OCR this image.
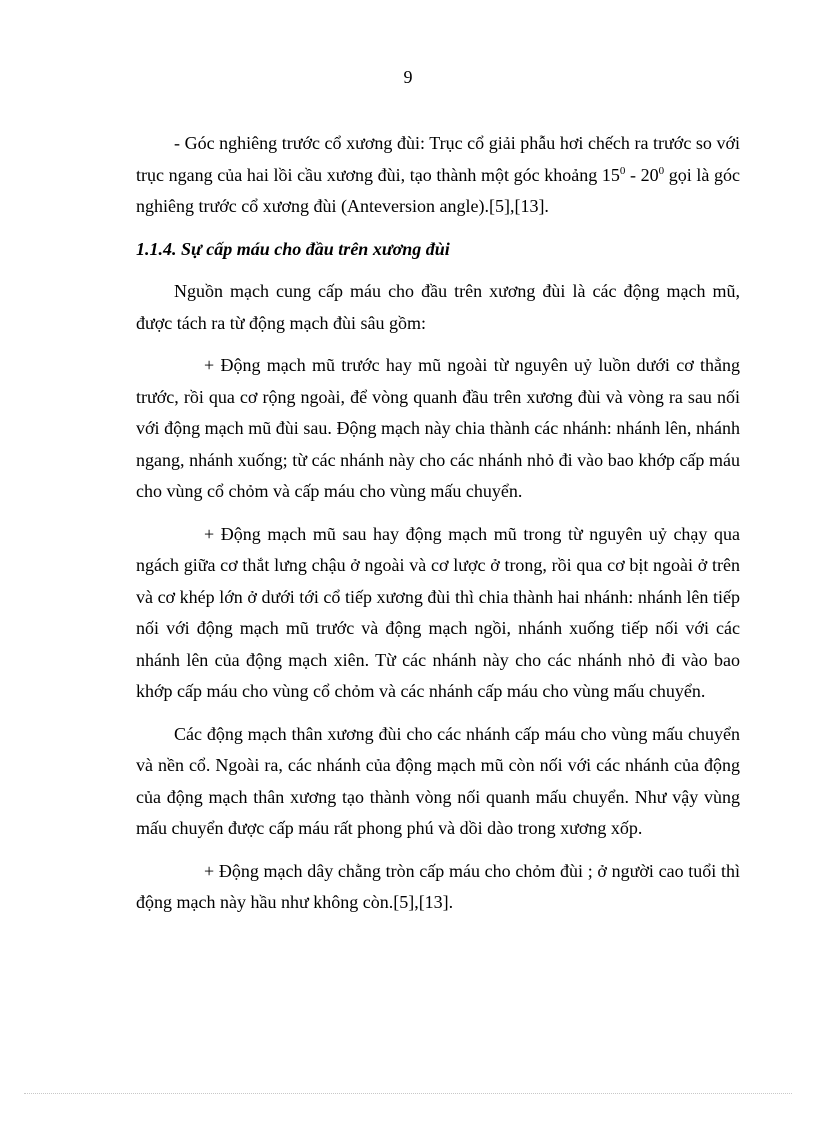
9

- Góc nghiêng trước cổ xương đùi: Trục cổ giải phẫu hơi chếch ra trước so với trục ngang của hai lồi cầu xương đùi, tạo thành một góc khoảng $15^0 - 20^0$ gọi là góc nghiêng trước cổ xương đùi (Anteversion angle).[5],[13].

1.1.4. Sự cấp máu cho đầu trên xương đùi

Nguồn mạch cung cấp máu cho đầu trên xương đùi là các động mạch mũ, được tách ra từ động mạch đùi sâu gồm:

+ Động mạch mũ trước hay mũ ngoài từ nguyên uỷ luồn dưới cơ thẳng trước, rồi qua cơ rộng ngoài, để vòng quanh đầu trên xương đùi và vòng ra sau nối với động mạch mũ đùi sau. Động mạch này chia thành các nhánh: nhánh lên, nhánh ngang, nhánh xuống; từ các nhánh này cho các nhánh nhỏ đi vào bao khớp cấp máu cho vùng cổ chỏm và cấp máu cho vùng mấu chuyển.

+ Động mạch mũ sau hay động mạch mũ trong từ nguyên uỷ chạy qua ngách giữa cơ thắt lưng chậu ở ngoài và cơ lược ở trong, rồi qua cơ bịt ngoài ở trên và cơ khép lớn ở dưới tới cổ tiếp xương đùi thì chia thành hai nhánh: nhánh lên tiếp nối với động mạch mũ trước và động mạch ngồi, nhánh xuống tiếp nối với các nhánh lên của động mạch xiên. Từ các nhánh này cho các nhánh nhỏ đi vào bao khớp cấp máu cho vùng cổ chỏm và các nhánh cấp máu cho vùng mấu chuyển.

Các động mạch thân xương đùi cho các nhánh cấp máu cho vùng mấu chuyển và nền cổ. Ngoài ra, các nhánh của động mạch mũ còn nối với các nhánh của động của động mạch thân xương tạo thành vòng nối quanh mấu chuyển. Như vậy vùng mấu chuyển được cấp máu rất phong phú và dồi dào trong xương xốp.

+ Động mạch dây chằng tròn cấp máu cho chỏm đùi ; ở người cao tuổi thì động mạch này hầu như không còn.[5],[13].
